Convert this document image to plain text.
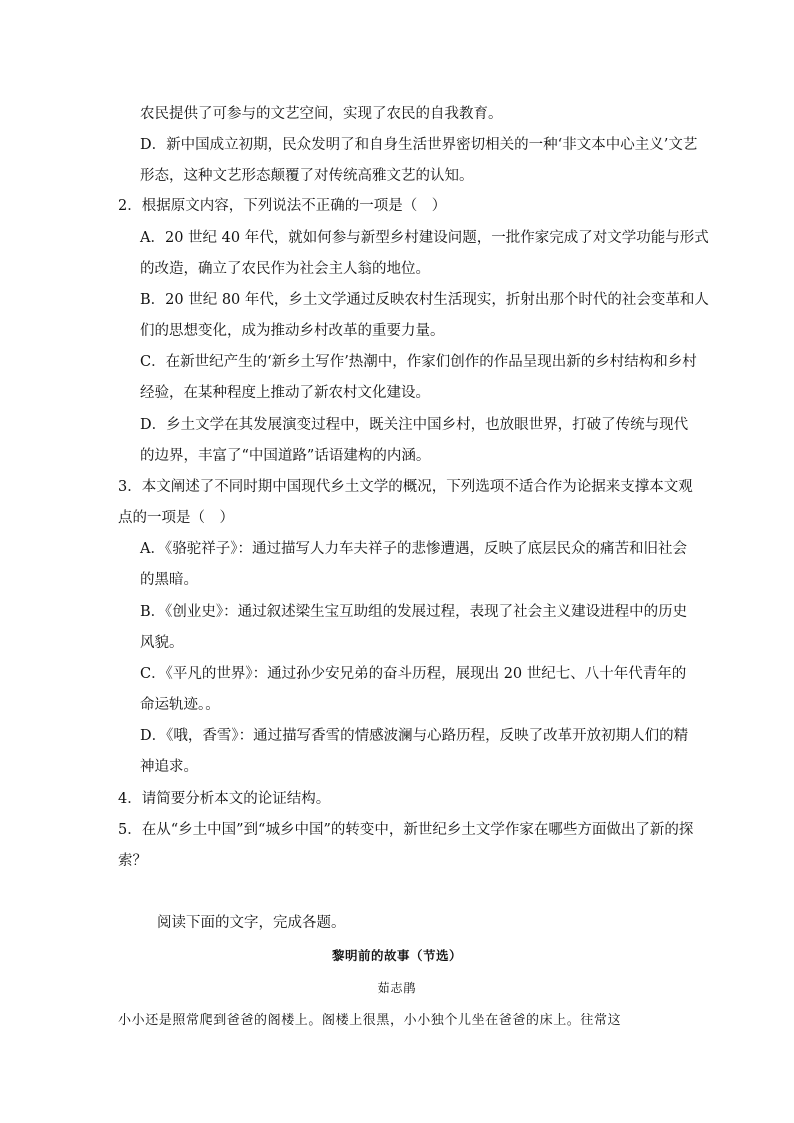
农民提供了可参与的文艺空间，实现了农民的自我教育。
D．新中国成立初期，民众发明了和自身生活世界密切相关的一种‘非文本中心主义’文艺
形态，这种文艺形态颠覆了对传统高雅文艺的认知。
2．根据原文内容，下列说法不正确的一项是（　）
A．20 世纪 40 年代，就如何参与新型乡村建设问题，一批作家完成了对文学功能与形式
的改造，确立了农民作为社会主人翁的地位。
B．20 世纪 80 年代，乡土文学通过反映农村生活现实，折射出那个时代的社会变革和人
们的思想变化，成为推动乡村改革的重要力量。
C．在新世纪产生的‘新乡土写作’热潮中，作家们创作的作品呈现出新的乡村结构和乡村
经验，在某种程度上推动了新农村文化建设。
D．乡土文学在其发展演变过程中，既关注中国乡村，也放眼世界，打破了传统与现代
的边界，丰富了“中国道路”话语建构的内涵。
3．本文阐述了不同时期中国现代乡土文学的概况，下列选项不适合作为论据来支撑本文观
点的一项是（　）
A．《骆驼祥子》：通过描写人力车夫祥子的悲惨遭遇，反映了底层民众的痛苦和旧社会
的黑暗。
B．《创业史》：通过叙述梁生宝互助组的发展过程，表现了社会主义建设进程中的历史
风貌。
C．《平凡的世界》：通过孙少安兄弟的奋斗历程，展现出 20 世纪七、八十年代青年的
命运轨迹。。
D．《哦，香雪》：通过描写香雪的情感波澜与心路历程，反映了改革开放初期人们的精
神追求。
4．请简要分析本文的论证结构。
5．在从“乡土中国”到“城乡中国”的转变中，新世纪乡土文学作家在哪些方面做出了新的探
索？
阅读下面的文字，完成各题。
黎明前的故事（节选）
茹志鹃
小小还是照常爬到爸爸的阁楼上。阁楼上很黑，小小独个儿坐在爸爸的床上。往常这
